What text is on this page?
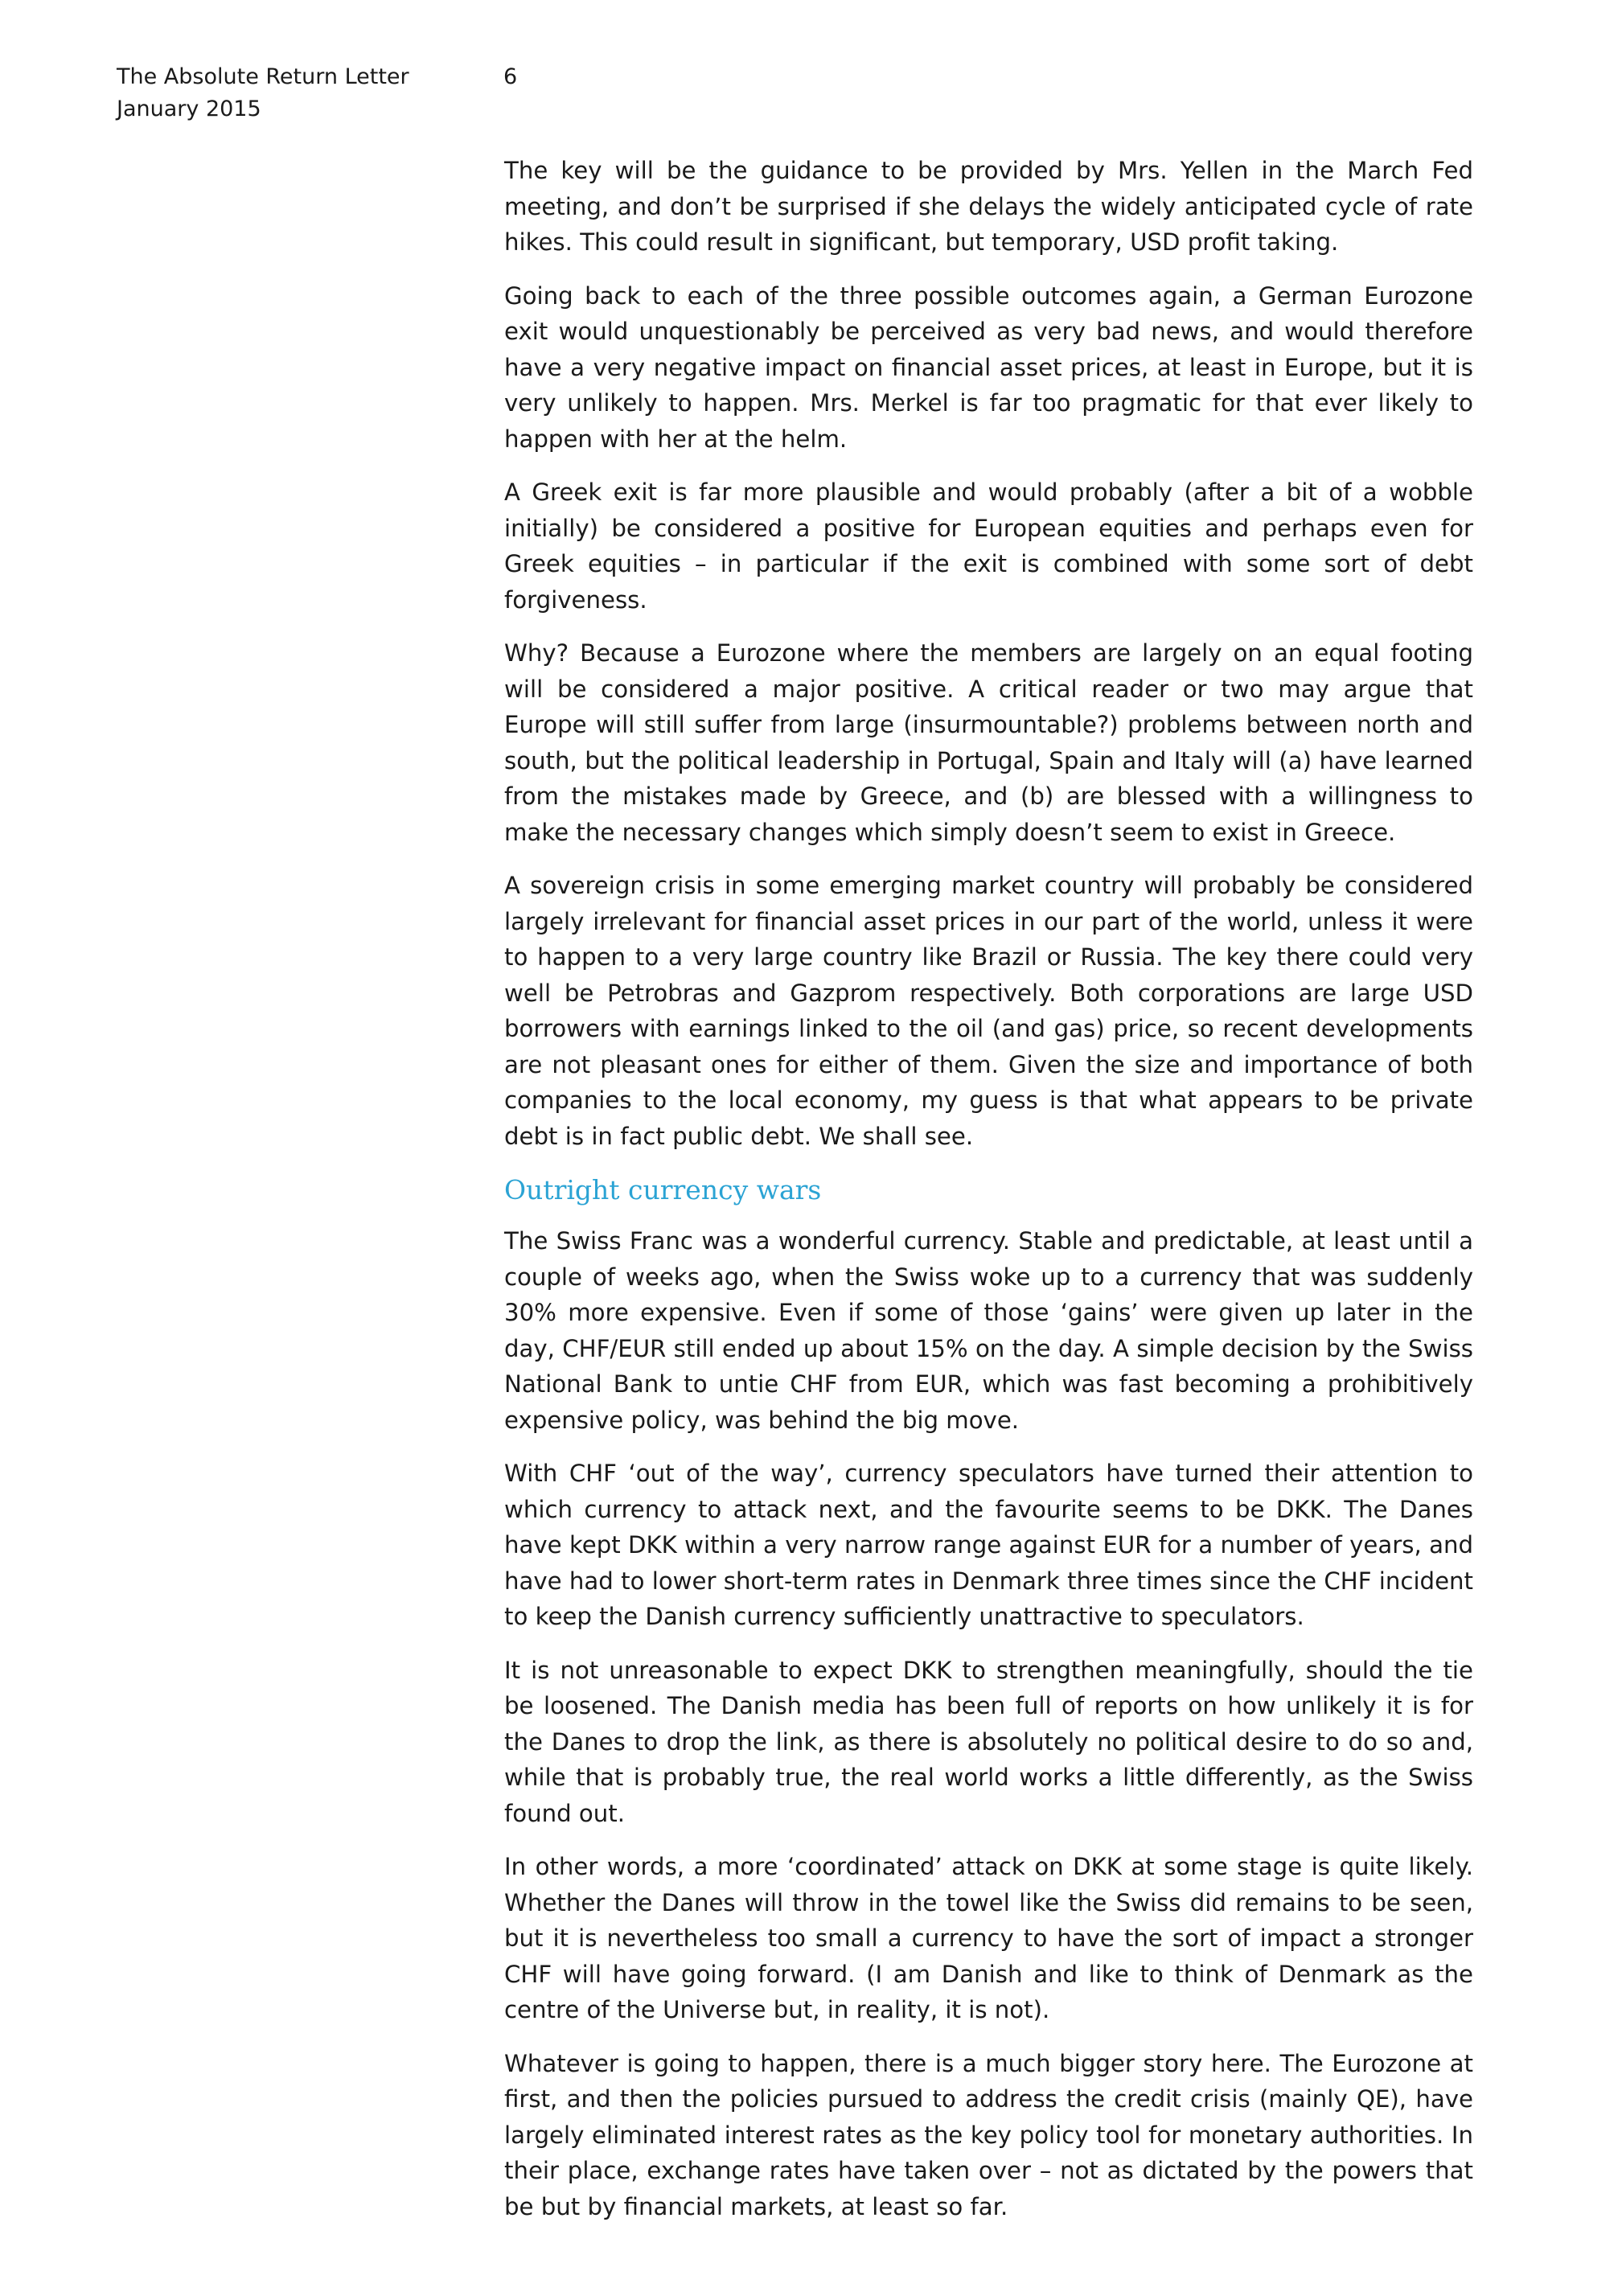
The Absolute Return Letter
January 2015
6

The key will be the guidance to be provided by Mrs. Yellen in the March Fed meeting, and don’t be surprised if she delays the widely anticipated cycle of rate hikes. This could result in significant, but temporary, USD profit taking.

Going back to each of the three possible outcomes again, a German Eurozone exit would unquestionably be perceived as very bad news, and would therefore have a very negative impact on financial asset prices, at least in Europe, but it is very unlikely to happen. Mrs. Merkel is far too pragmatic for that ever likely to happen with her at the helm.

A Greek exit is far more plausible and would probably (after a bit of a wobble initially) be considered a positive for European equities and perhaps even for Greek equities – in particular if the exit is combined with some sort of debt forgiveness.

Why? Because a Eurozone where the members are largely on an equal footing will be considered a major positive. A critical reader or two may argue that Europe will still suffer from large (insurmountable?) problems between north and south, but the political leadership in Portugal, Spain and Italy will (a) have learned from the mistakes made by Greece, and (b) are blessed with a willingness to make the necessary changes which simply doesn’t seem to exist in Greece.

A sovereign crisis in some emerging market country will probably be considered largely irrelevant for financial asset prices in our part of the world, unless it were to happen to a very large country like Brazil or Russia. The key there could very well be Petrobras and Gazprom respectively. Both corporations are large USD borrowers with earnings linked to the oil (and gas) price, so recent developments are not pleasant ones for either of them. Given the size and importance of both companies to the local economy, my guess is that what appears to be private debt is in fact public debt. We shall see.

Outright currency wars

The Swiss Franc was a wonderful currency. Stable and predictable, at least until a couple of weeks ago, when the Swiss woke up to a currency that was suddenly 30% more expensive. Even if some of those ‘gains’ were given up later in the day, CHF/EUR still ended up about 15% on the day. A simple decision by the Swiss National Bank to untie CHF from EUR, which was fast becoming a prohibitively expensive policy, was behind the big move.

With CHF ‘out of the way’, currency speculators have turned their attention to which currency to attack next, and the favourite seems to be DKK. The Danes have kept DKK within a very narrow range against EUR for a number of years, and have had to lower short-term rates in Denmark three times since the CHF incident to keep the Danish currency sufficiently unattractive to speculators.

It is not unreasonable to expect DKK to strengthen meaningfully, should the tie be loosened. The Danish media has been full of reports on how unlikely it is for the Danes to drop the link, as there is absolutely no political desire to do so and, while that is probably true, the real world works a little differently, as the Swiss found out.

In other words, a more ‘coordinated’ attack on DKK at some stage is quite likely. Whether the Danes will throw in the towel like the Swiss did remains to be seen, but it is nevertheless too small a currency to have the sort of impact a stronger CHF will have going forward. (I am Danish and like to think of Denmark as the centre of the Universe but, in reality, it is not).

Whatever is going to happen, there is a much bigger story here. The Eurozone at first, and then the policies pursued to address the credit crisis (mainly QE), have largely eliminated interest rates as the key policy tool for monetary authorities. In their place, exchange rates have taken over – not as dictated by the powers that be but by financial markets, at least so far.
